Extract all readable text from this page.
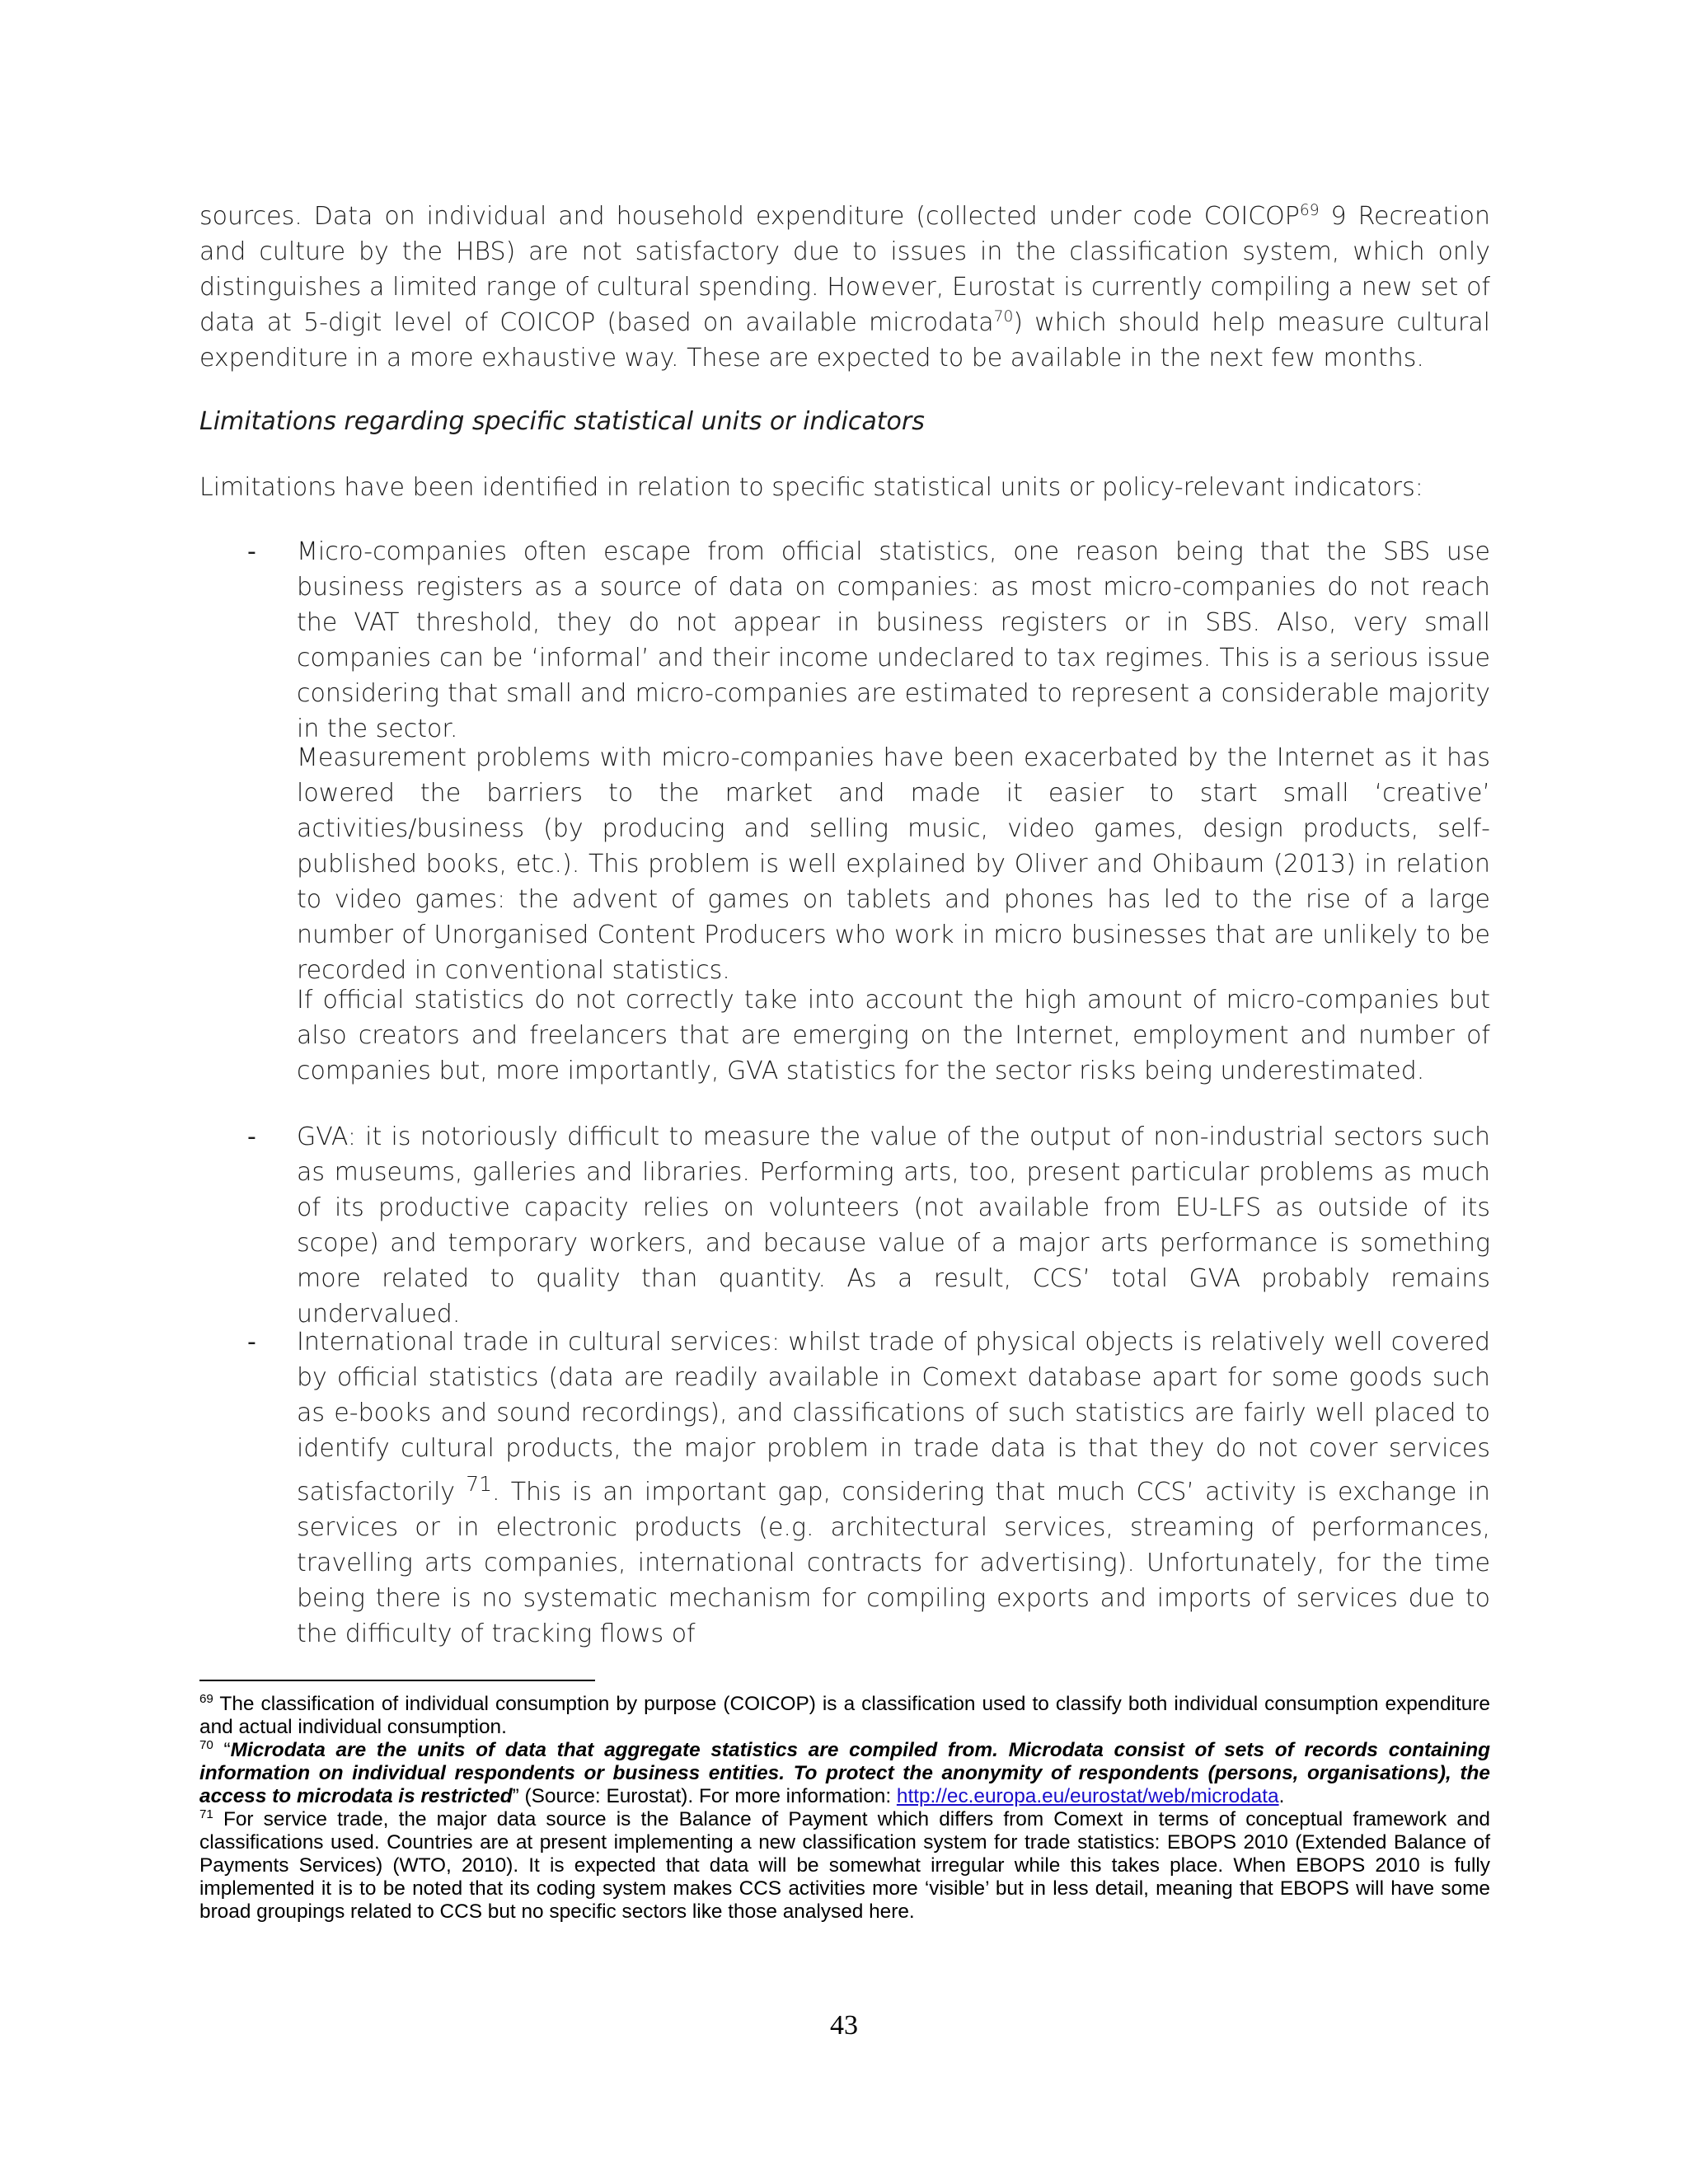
sources. Data on individual and household expenditure (collected under code COICOP$^{69}$ 9 Recreation and culture by the HBS) are not satisfactory due to issues in the classification system, which only distinguishes a limited range of cultural spending. However, Eurostat is currently compiling a new set of data at 5-digit level of COICOP (based on available microdata$^{70}$) which should help measure cultural expenditure in a more exhaustive way. These are expected to be available in the next few months.

Limitations regarding specific statistical units or indicators

Limitations have been identified in relation to specific statistical units or policy-relevant indicators:

- Micro-companies often escape from official statistics, one reason being that the SBS use business registers as a source of data on companies: as most micro-companies do not reach the VAT threshold, they do not appear in business registers or in SBS. Also, very small companies can be ‘informal’ and their income undeclared to tax regimes. This is a serious issue considering that small and micro-companies are estimated to represent a considerable majority in the sector.

Measurement problems with micro-companies have been exacerbated by the Internet as it has lowered the barriers to the market and made it easier to start small ‘creative’ activities/business (by producing and selling music, video games, design products, self-published books, etc.). This problem is well explained by Oliver and Ohibaum (2013) in relation to video games: the advent of games on tablets and phones has led to the rise of a large number of Unorganised Content Producers who work in micro businesses that are unlikely to be recorded in conventional statistics.

If official statistics do not correctly take into account the high amount of micro-companies but also creators and freelancers that are emerging on the Internet, employment and number of companies but, more importantly, GVA statistics for the sector risks being underestimated.

- GVA: it is notoriously difficult to measure the value of the output of non-industrial sectors such as museums, galleries and libraries. Performing arts, too, present particular problems as much of its productive capacity relies on volunteers (not available from EU-LFS as outside of its scope) and temporary workers, and because value of a major arts performance is something more related to quality than quantity. As a result, CCS’ total GVA probably remains undervalued.

- International trade in cultural services: whilst trade of physical objects is relatively well covered by official statistics (data are readily available in Comext database apart for some goods such as e-books and sound recordings), and classifications of such statistics are fairly well placed to identify cultural products, the major problem in trade data is that they do not cover services satisfactorily $^{71}$. This is an important gap, considering that much CCS’ activity is exchange in services or in electronic products (e.g. architectural services, streaming of performances, travelling arts companies, international contracts for advertising). Unfortunately, for the time being there is no systematic mechanism for compiling exports and imports of services due to the difficulty of tracking flows of

$^{69}$ The classification of individual consumption by purpose (COICOP) is a classification used to classify both individual consumption expenditure and actual individual consumption.

$^{70}$ “Microdata are the units of data that aggregate statistics are compiled from. Microdata consist of sets of records containing information on individual respondents or business entities. To protect the anonymity of respondents (persons, organisations), the access to microdata is restricted” (Source: Eurostat). For more information: http://ec.europa.eu/eurostat/web/microdata.

$^{71}$ For service trade, the major data source is the Balance of Payment which differs from Comext in terms of conceptual framework and classifications used. Countries are at present implementing a new classification system for trade statistics: EBOPS 2010 (Extended Balance of Payments Services) (WTO, 2010). It is expected that data will be somewhat irregular while this takes place. When EBOPS 2010 is fully implemented it is to be noted that its coding system makes CCS activities more ‘visible’ but in less detail, meaning that EBOPS will have some broad groupings related to CCS but no specific sectors like those analysed here.

43
